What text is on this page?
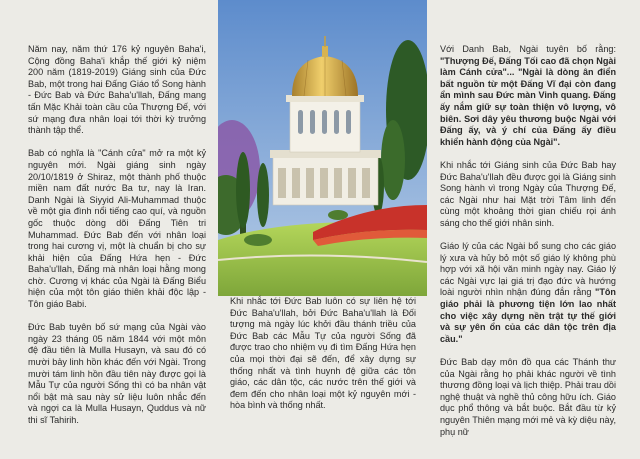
Năm nay, năm thứ 176 kỷ nguyên Baha'i, Cộng đồng Baha'i khắp thế giới kỷ niệm 200 năm (1819-2019) Giáng sinh của Đức Bab, một trong hai Đấng Giáo tổ Song hành - Đức Bab và Đức Baha'u'llah, Đấng mang tấn Mặc Khải toàn cầu của Thượng Đế, với sứ mạng đưa nhân loại tới thời kỳ trưởng thành tập thể.

Bab có nghĩa là "Cánh cửa" mở ra một kỷ nguyên mới. Ngài giáng sinh ngày 20/10/1819 ở Shiraz, một thành phố thuộc miền nam đất nước Ba tư, nay là Iran. Danh Ngài là Siyyid Ali-Muhammad thuộc về một gia đình nổi tiếng cao quí, và nguồn gốc thuộc dòng dõi Đấng Tiên tri Muhammad. Đức Bab đến với nhân loại trong hai cương vị, một là chuẩn bị cho sự khải hiện của Đấng Hứa hẹn - Đức Baha'u'llah, Đấng mà nhân loại hằng mong chờ. Cương vị khác của Ngài là Đấng Biểu hiện của một tôn giáo thiên khải độc lập - Tôn giáo Babi.

Đức Bab tuyên bố sứ mạng của Ngài vào ngày 23 tháng 05 năm 1844 với một môn đệ đầu tiên là Mulla Husayn, và sau đó có mười bảy linh hồn khác đến với Ngài. Trong mười tám linh hồn đầu tiên này được gọi là Mẫu Tự của người Sống thì có ba nhân vật nổi bật mà sau này sử liệu luôn nhắc đến và ngợi ca là Mulla Husayn, Quddus và nữ thi sĩ Tahirih.

Khi nhắc tới Đức Bab luôn có sự liên hệ tới Đức Baha'u'llah, bởi Đức Baha'u'llah là Đối tượng mà ngày lúc khởi đầu thánh triều của Đức Bab các Mẫu Tự của người Sống đã được trao cho nhiệm vụ đi tìm Đấng Hứa hẹn của mọi thời đại sẽ đến, để xây dựng sự thống nhất và tình huynh đệ giữa các tôn giáo, các dân tộc, các nước trên thế giới và đem đến cho nhân loại một kỷ nguyên mới - hòa bình và thống nhất.

Với Danh Bab, Ngài tuyên bố rằng: "Thượng Đế, Đấng Tối cao đã chọn Ngài làm Cánh cửa"... "Ngài là dòng ân điển bất nguồn từ một Đấng Vĩ đại còn đang ẩn mình sau Đức màn Vinh quang. Đấng ấy nắm giữ sự toàn thiện vô lượng, vô biên. Sơi dây yêu thương buộc Ngài với Đấng ấy, và ý chí của Đấng ấy điều khiển hành động của Ngài".

Khi nhắc tới Giáng sinh của Đức Bab hay Đức Baha'u'llah đều được gọi là Giáng sinh Song hành vì trong Ngày của Thượng Đế, các Ngài như hai Mặt trời Tâm linh đến cùng một khoảng thời gian chiếu rọi ánh sáng cho thế giới nhân sinh.

Giáo lý của các Ngài bổ sung cho các giáo lý xưa và hủy bỏ một số giáo lý không phù hợp với xã hội văn minh ngày nay. Giáo lý các Ngài vực lại giá trị đạo đức và hướng loài người nhìn nhận đúng đắn rằng "Tôn giáo phải là phương tiện lớn lao nhất cho việc xây dựng nền trật tự thế giới và sự yên ổn của các dân tộc trên địa cầu."

Đức Bab dạy môn đồ qua các Thánh thư của Ngài rằng họ phải khác người về tình thương đồng loại và lịch thiệp. Phải trau dồi nghệ thuật và nghề thủ công hữu ích. Giáo dục phổ thông và bắt buộc. Bắt đầu từ kỷ nguyên Thiên mạng mới mẻ và kỳ diệu này, phụ nữ
